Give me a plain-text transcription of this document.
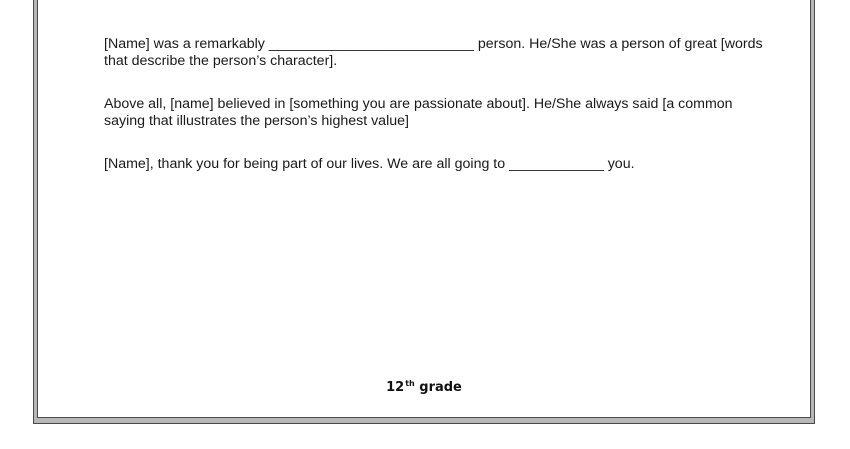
[Name] was a remarkably __________________________ person. He/She was a person of great [words

that describe the person’s character].

Above all, [name] believed in [something you are passionate about]. He/She always said [a common

saying that illustrates the person’s highest value]

[Name], thank you for being part of our lives. We are all going to ____________ you.

12th grade
